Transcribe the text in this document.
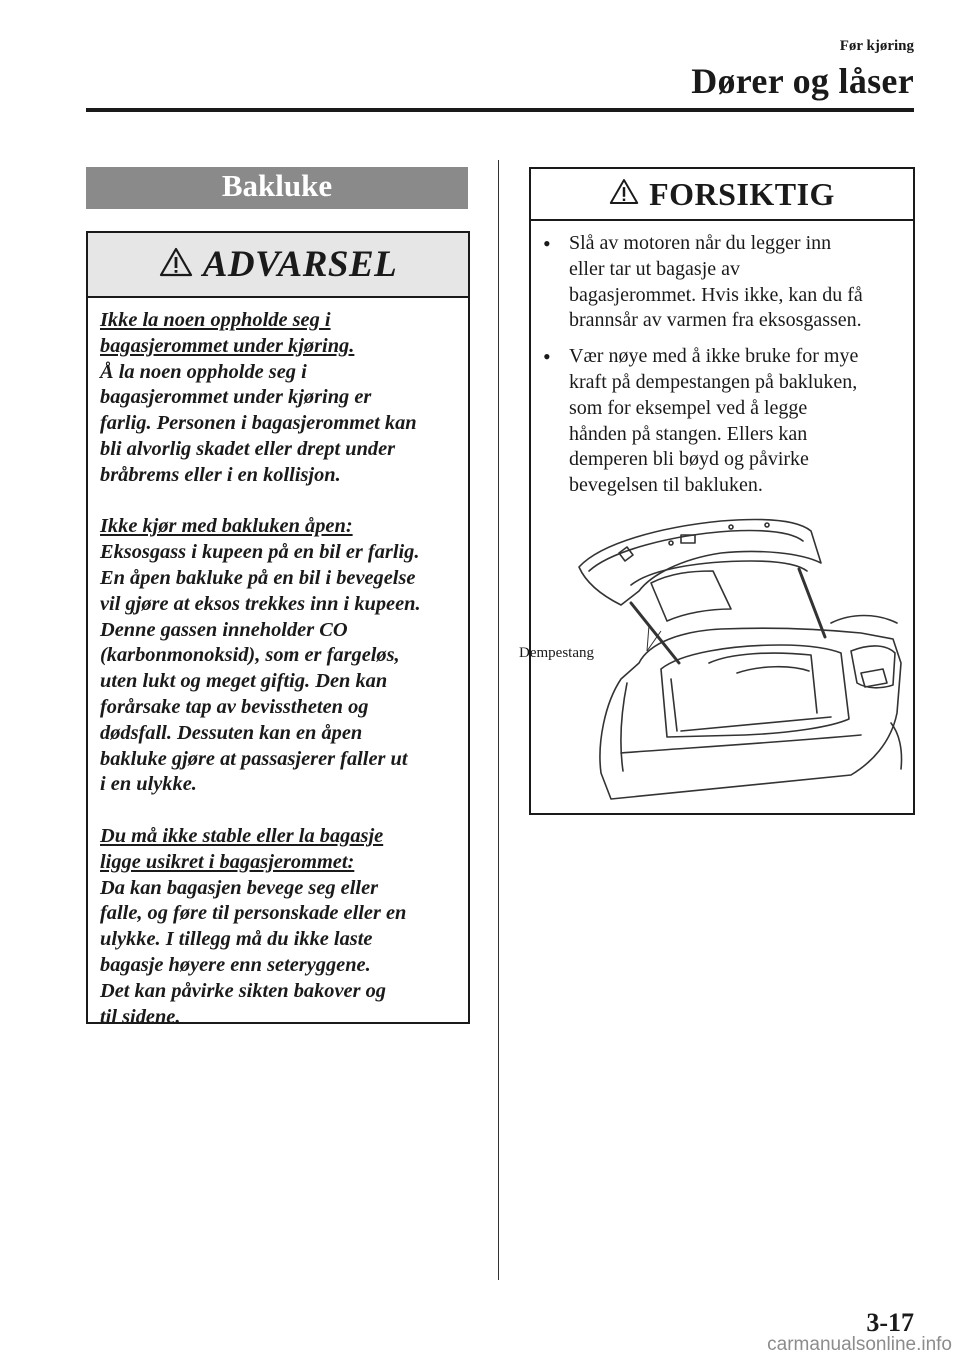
Før kjøring
Dører og låser
Bakluke
ADVARSEL

Ikke la noen oppholde seg i
bagasjerommet under kjøring.
Å la noen oppholde seg i
bagasjerommet under kjøring er
farlig. Personen i bagasjerommet kan
bli alvorlig skadet eller drept under
bråbrems eller i en kollisjon.

Ikke kjør med bakluken åpen:
Eksosgass i kupeen på en bil er farlig.
En åpen bakluke på en bil i bevegelse
vil gjøre at eksos trekkes inn i kupeen.
Denne gassen inneholder CO
(karbonmonoksid), som er fargeløs,
uten lukt og meget giftig. Den kan
forårsake tap av bevisstheten og
dødsfall. Dessuten kan en åpen
bakluke gjøre at passasjerer faller ut
i en ulykke.

Du må ikke stable eller la bagasje
ligge usikret i bagasjerommet:
Da kan bagasjen bevege seg eller
falle, og føre til personskade eller en
ulykke. I tillegg må du ikke laste
bagasje høyere enn seteryggene.
Det kan påvirke sikten bakover og
til sidene.

FORSIKTIG
• Slå av motoren når du legger inn
eller tar ut bagasje av
bagasjerommet. Hvis ikke, kan du få
brannsår av varmen fra eksosgassen.
• Vær nøye med å ikke bruke for mye
kraft på dempestangen på bakluken,
som for eksempel ved å legge
hånden på stangen. Ellers kan
demperen bli bøyd og påvirke
bevegelsen til bakluken.
Dempestang
3-17
carmanualsonline.info
